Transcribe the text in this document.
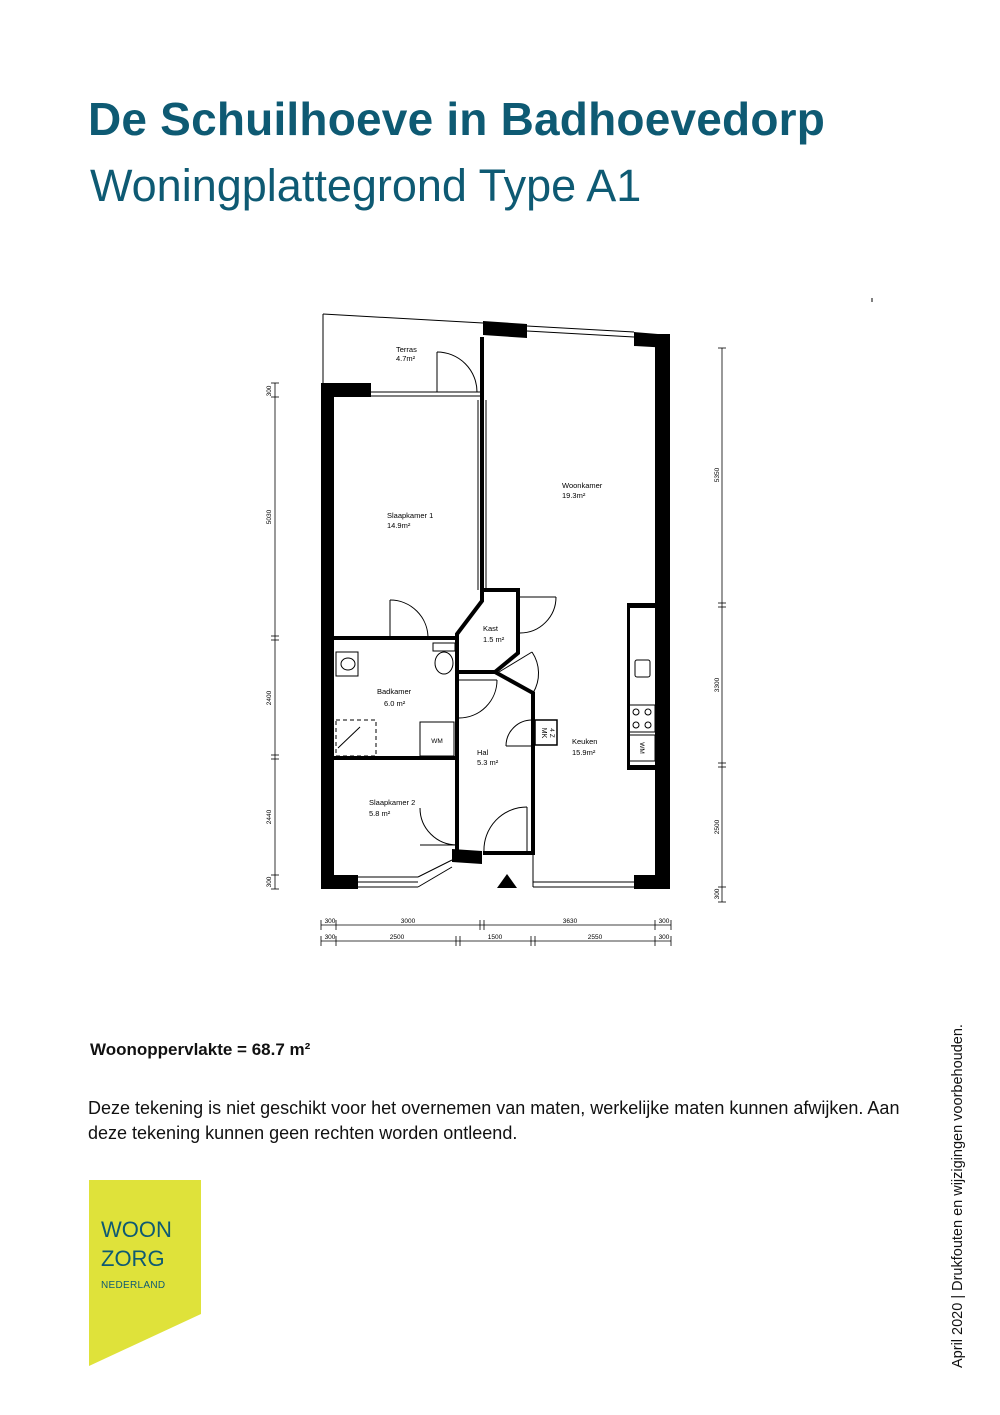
De Schuilhoeve in Badhoevedorp
Woningplattegrond Type A1
WM
MK 4 Z
WM
Terras
4.7m²
Woonkamer
19.3m²
Slaapkamer 1
14.9m²
Kast
1.5 m²
Badkamer
6.0 m²
Hal
5.3 m²
Keuken
15.9m²
Slaapkamer 2
5.8 m²
300
5030
2400
2440
300
5350
3300
2500
300
300	3000	3630	300
300	2500	1500	2550	300
Woonoppervlakte = 68.7 m²
Deze tekening is niet geschikt voor het overnemen van maten, werkelijke maten kunnen afwijken. Aan deze tekening kunnen geen rechten worden ontleend.	April 2020 | Drukfouten en wijzigingen voorbehouden.
WOON
ZORG
NEDERLAND
